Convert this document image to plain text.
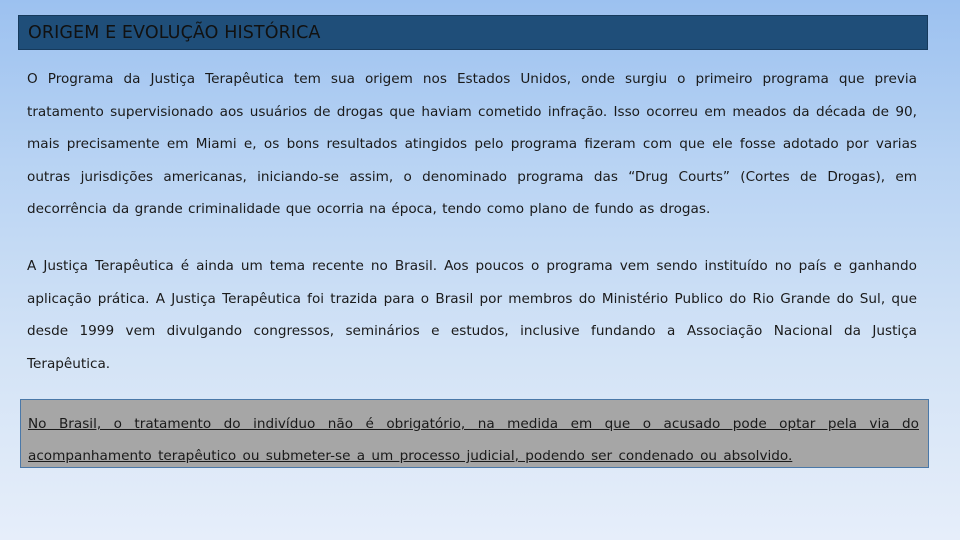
ORIGEM E EVOLUÇÃO HISTÓRICA

O Programa da Justiça Terapêutica tem sua origem nos Estados Unidos, onde surgiu o primeiro programa que previa tratamento supervisionado aos usuários de drogas que haviam cometido infração. Isso ocorreu em meados da década de 90, mais precisamente em Miami e, os bons resultados atingidos pelo programa fizeram com que ele fosse adotado por varias outras jurisdições americanas, iniciando-se assim, o denominado programa das “Drug Courts” (Cortes de Drogas), em decorrência da grande criminalidade que ocorria na época, tendo como plano de fundo as drogas.

A Justiça Terapêutica é ainda um tema recente no Brasil. Aos poucos o programa vem sendo instituído no país e ganhando aplicação prática. A Justiça Terapêutica foi trazida para o Brasil por membros do Ministério Publico do Rio Grande do Sul, que desde 1999 vem divulgando congressos, seminários e estudos, inclusive fundando a Associação Nacional da Justiça Terapêutica.

No Brasil, o tratamento do indivíduo não é obrigatório, na medida em que o acusado pode optar pela via do acompanhamento terapêutico ou submeter-se a um processo judicial, podendo ser condenado ou absolvido.
